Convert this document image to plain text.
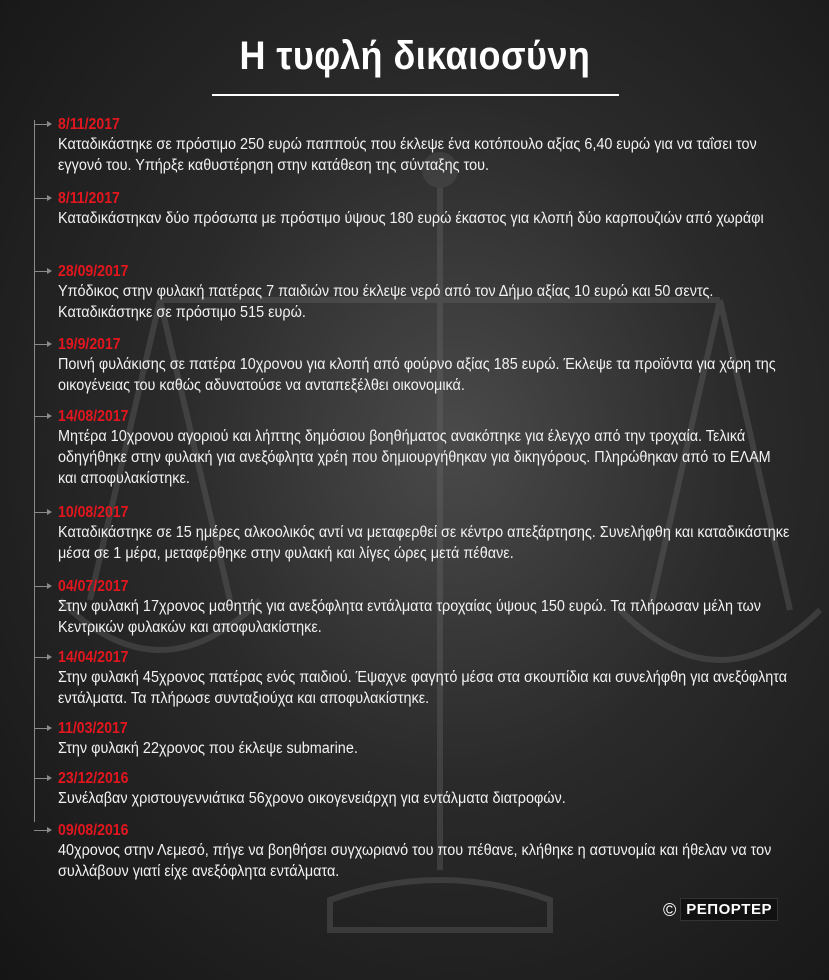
Η τυφλή δικαιοσύνη
8/11/2017
Καταδικάστηκε σε πρόστιμο 250 ευρώ παππούς που έκλεψε ένα κοτόπουλο αξίας 6,40 ευρώ για να ταΐσει τον εγγονό του. Υπήρξε καθυστέρηση στην κατάθεση της σύνταξης του.
8/11/2017
Καταδικάστηκαν δύο πρόσωπα με πρόστιμο ύψους 180 ευρώ έκαστος για κλοπή δύο καρπουζιών από χωράφι
28/09/2017
Υπόδικος στην φυλακή πατέρας 7 παιδιών που έκλεψε νερό από τον Δήμο αξίας 10 ευρώ και 50 σεντς. Καταδικάστηκε σε πρόστιμο 515 ευρώ.
19/9/2017
Ποινή φυλάκισης σε πατέρα 10χρονου για κλοπή από φούρνο αξίας 185 ευρώ. Έκλεψε τα προϊόντα για χάρη της οικογένειας του καθώς αδυνατούσε να ανταπεξέλθει οικονομικά.
14/08/2017
Μητέρα 10χρονου αγοριού και λήπτης δημόσιου βοηθήματος ανακόπηκε για έλεγχο από την τροχαία. Τελικά οδηγήθηκε στην φυλακή για ανεξόφλητα χρέη που δημιουργήθηκαν για δικηγόρους. Πληρώθηκαν από το ΕΛΑΜ και αποφυλακίστηκε.
10/08/2017
Καταδικάστηκε σε 15 ημέρες αλκοολικός αντί να μεταφερθεί σε κέντρο απεξάρτησης. Συνελήφθη και καταδικάστηκε μέσα σε 1 μέρα, μεταφέρθηκε στην φυλακή και λίγες ώρες μετά πέθανε.
04/07/2017
Στην φυλακή 17χρονος μαθητής για ανεξόφλητα εντάλματα τροχαίας ύψους 150 ευρώ. Τα πλήρωσαν μέλη των Κεντρικών φυλακών και αποφυλακίστηκε.
14/04/2017
Στην φυλακή 45χρονος πατέρας ενός παιδιού. Έψαχνε φαγητό μέσα στα σκουπίδια και συνελήφθη για ανεξόφλητα εντάλματα. Τα πλήρωσε συνταξιούχα και αποφυλακίστηκε.
11/03/2017
Στην φυλακή 22χρονος που έκλεψε submarine.
23/12/2016
Συνέλαβαν χριστουγεννιάτικα 56χρονο οικογενειάρχη για εντάλματα διατροφών.
09/08/2016
40χρονος στην Λεμεσό, πήγε να βοηθήσει συγχωριανό του που πέθανε, κλήθηκε η αστυνομία και ήθελαν να τον συλλάβουν γιατί είχε ανεξόφλητα εντάλματα.
© ΡΕΠΟΡΤΕΡ
